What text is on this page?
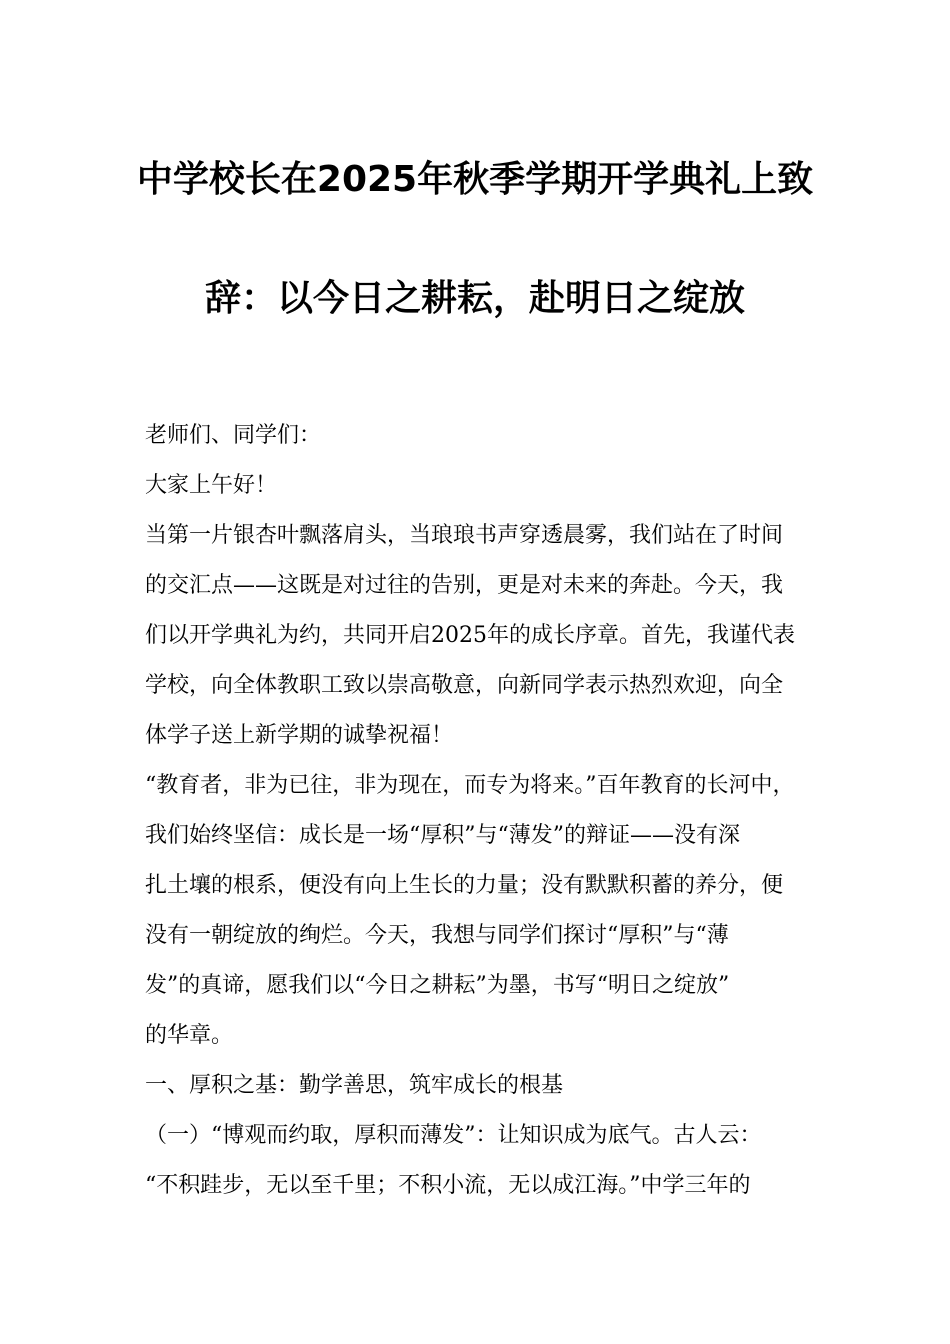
中学校长在2025年秋季学期开学典礼上致
辞：以今日之耕耘，赴明日之绽放
老师们、同学们：
大家上午好！
当第一片银杏叶飘落肩头，当琅琅书声穿透晨雾，我们站在了时间
的交汇点——这既是对过往的告别，更是对未来的奔赴。今天，我
们以开学典礼为约，共同开启2025年的成长序章。首先，我谨代表
学校，向全体教职工致以崇高敬意，向新同学表示热烈欢迎，向全
体学子送上新学期的诚挚祝福！
“教育者，非为已往，非为现在，而专为将来。”百年教育的长河中，
我们始终坚信：成长是一场“厚积”与“薄发”的辩证——没有深
扎土壤的根系，便没有向上生长的力量；没有默默积蓄的养分，便
没有一朝绽放的绚烂。今天，我想与同学们探讨“厚积”与“薄
发”的真谛，愿我们以“今日之耕耘”为墨，书写“明日之绽放”
的华章。
一、厚积之基：勤学善思，筑牢成长的根基
（一）“博观而约取，厚积而薄发”：让知识成为底气。古人云：
“不积跬步，无以至千里；不积小流，无以成江海。”中学三年的
